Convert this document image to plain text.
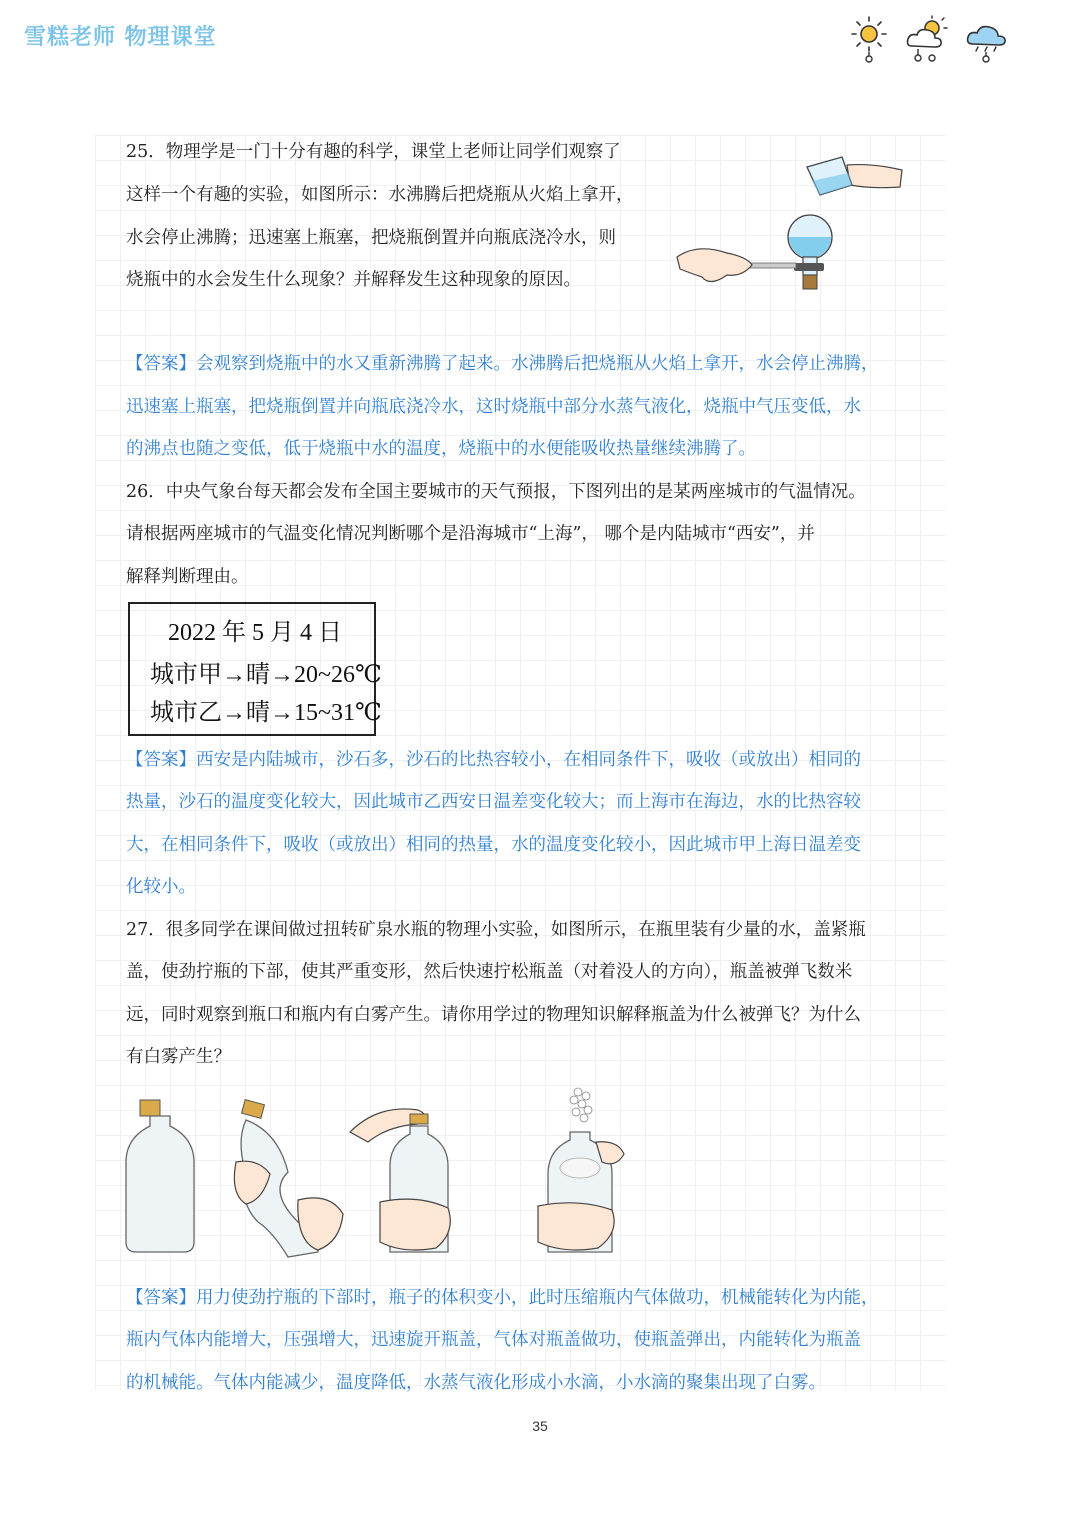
雪糕老师 物理课堂
25．物理学是一门十分有趣的科学，课堂上老师让同学们观察了
这样一个有趣的实验，如图所示：水沸腾后把烧瓶从火焰上拿开，
水会停止沸腾；迅速塞上瓶塞，把烧瓶倒置并向瓶底浇冷水，则
烧瓶中的水会发生什么现象？并解释发生这种现象的原因。
【答案】会观察到烧瓶中的水又重新沸腾了起来。水沸腾后把烧瓶从火焰上拿开，水会停止沸腾，
迅速塞上瓶塞，把烧瓶倒置并向瓶底浇冷水，这时烧瓶中部分水蒸气液化，烧瓶中气压变低，水
的沸点也随之变低，低于烧瓶中水的温度，烧瓶中的水便能吸收热量继续沸腾了。
26．中央气象台每天都会发布全国主要城市的天气预报，下图列出的是某两座城市的气温情况。
请根据两座城市的气温变化情况判断哪个是沿海城市“上海”， 哪个是内陆城市“西安”，并
解释判断理由。
2022 年 5 月 4 日
城市甲→晴→20~26℃
城市乙→晴→15~31℃
【答案】西安是内陆城市，沙石多，沙石的比热容较小，在相同条件下，吸收（或放出）相同的
热量，沙石的温度变化较大，因此城市乙西安日温差变化较大；而上海市在海边，水的比热容较
大，在相同条件下，吸收（或放出）相同的热量，水的温度变化较小，因此城市甲上海日温差变
化较小。
27．很多同学在课间做过扭转矿泉水瓶的物理小实验，如图所示，在瓶里装有少量的水，盖紧瓶
盖，使劲拧瓶的下部，使其严重变形，然后快速拧松瓶盖（对着没人的方向），瓶盖被弹飞数米
远，同时观察到瓶口和瓶内有白雾产生。请你用学过的物理知识解释瓶盖为什么被弹飞？为什么
有白雾产生？
【答案】用力使劲拧瓶的下部时，瓶子的体积变小，此时压缩瓶内气体做功，机械能转化为内能，
瓶内气体内能增大，压强增大，迅速旋开瓶盖，气体对瓶盖做功，使瓶盖弹出，内能转化为瓶盖
的机械能。气体内能减少，温度降低，水蒸气液化形成小水滴，小水滴的聚集出现了白雾。
35
